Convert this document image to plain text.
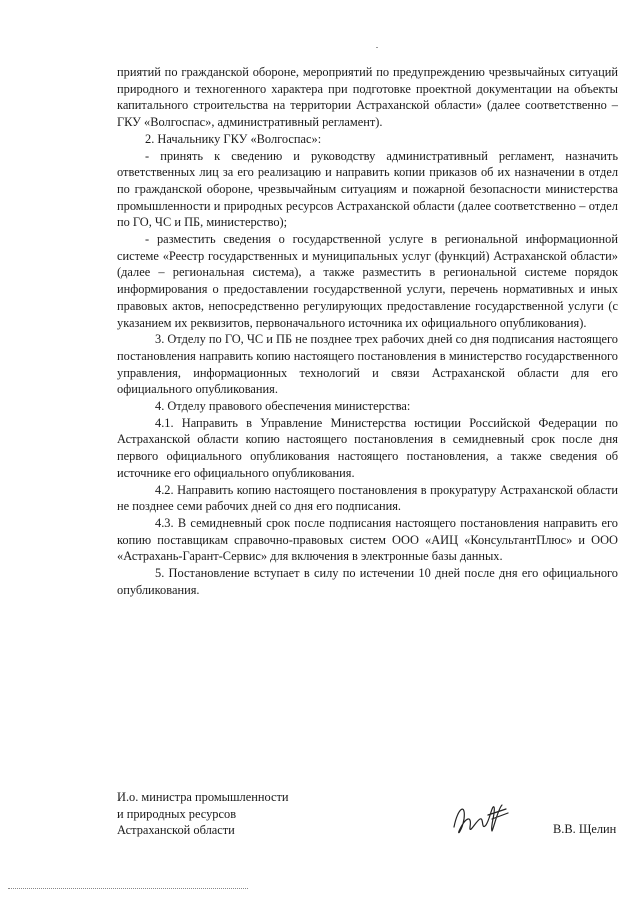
приятий по гражданской обороне, мероприятий по предупреждению чрезвычайных ситуаций природного и техногенного характера при подготовке проектной документации на объекты капитального строительства на территории Астраханской области» (далее соответственно – ГКУ «Волгоспас», административный регламент).

2. Начальнику ГКУ «Волгоспас»:

- принять к сведению и руководству административный регламент, назначить ответственных лиц за его реализацию и направить копии приказов об их назначении в отдел по гражданской обороне, чрезвычайным ситуациям и пожарной безопасности министерства промышленности и природных ресурсов Астраханской области (далее соответственно – отдел по ГО, ЧС и ПБ, министерство);

- разместить сведения о государственной услуге в региональной информационной системе «Реестр государственных и муниципальных услуг (функций) Астраханской области» (далее – региональная система), а также разместить в региональной системе порядок информирования о предоставлении государственной услуги, перечень нормативных и иных правовых актов, непосредственно регулирующих предоставление государственной услуги (с указанием их реквизитов, первоначального источника их официального опубликования).

3. Отделу по ГО, ЧС и ПБ не позднее трех рабочих дней со дня подписания настоящего постановления направить копию настоящего постановления в министерство государственного управления, информационных технологий и связи Астраханской области для его официального опубликования.

4. Отделу правового обеспечения министерства:

4.1. Направить в Управление Министерства юстиции Российской Федерации по Астраханской области копию настоящего постановления в семидневный срок после дня первого официального опубликования настоящего постановления, а также сведения об источнике его официального опубликования.

4.2. Направить копию настоящего постановления в прокуратуру Астраханской области не позднее семи рабочих дней со дня его подписания.

4.3. В семидневный срок после подписания настоящего постановления направить его копию поставщикам справочно-правовых систем ООО «АИЦ «КонсультантПлюс» и ООО «Астрахань-Гарант-Сервис» для включения в электронные базы данных.

5. Постановление вступает в силу по истечении 10 дней после дня его официального опубликования.

И.о. министра промышленности
и природных ресурсов
Астраханской области	В.В. Щелин
